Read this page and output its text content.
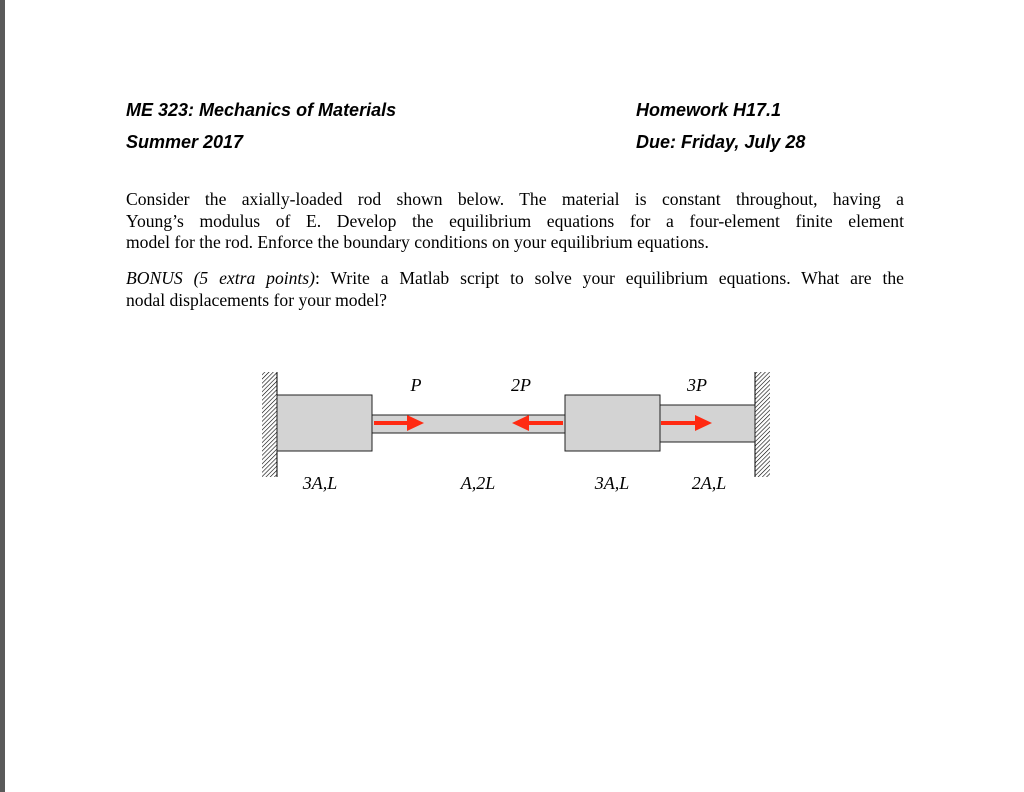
ME 323: Mechanics of Materials
Summer 2017
Homework H17.1
Due: Friday, July 28
Consider the axially-loaded rod shown below. The material is constant throughout, having a
Young’s modulus of E. Develop the equilibrium equations for a four-element finite element
model for the rod. Enforce the boundary conditions on your equilibrium equations.
BONUS (5 extra points): Write a Matlab script to solve your equilibrium equations. What are the
nodal displacements for your model?
P	2P	3P
3A,L	A,2L	3A,L	2A,L
